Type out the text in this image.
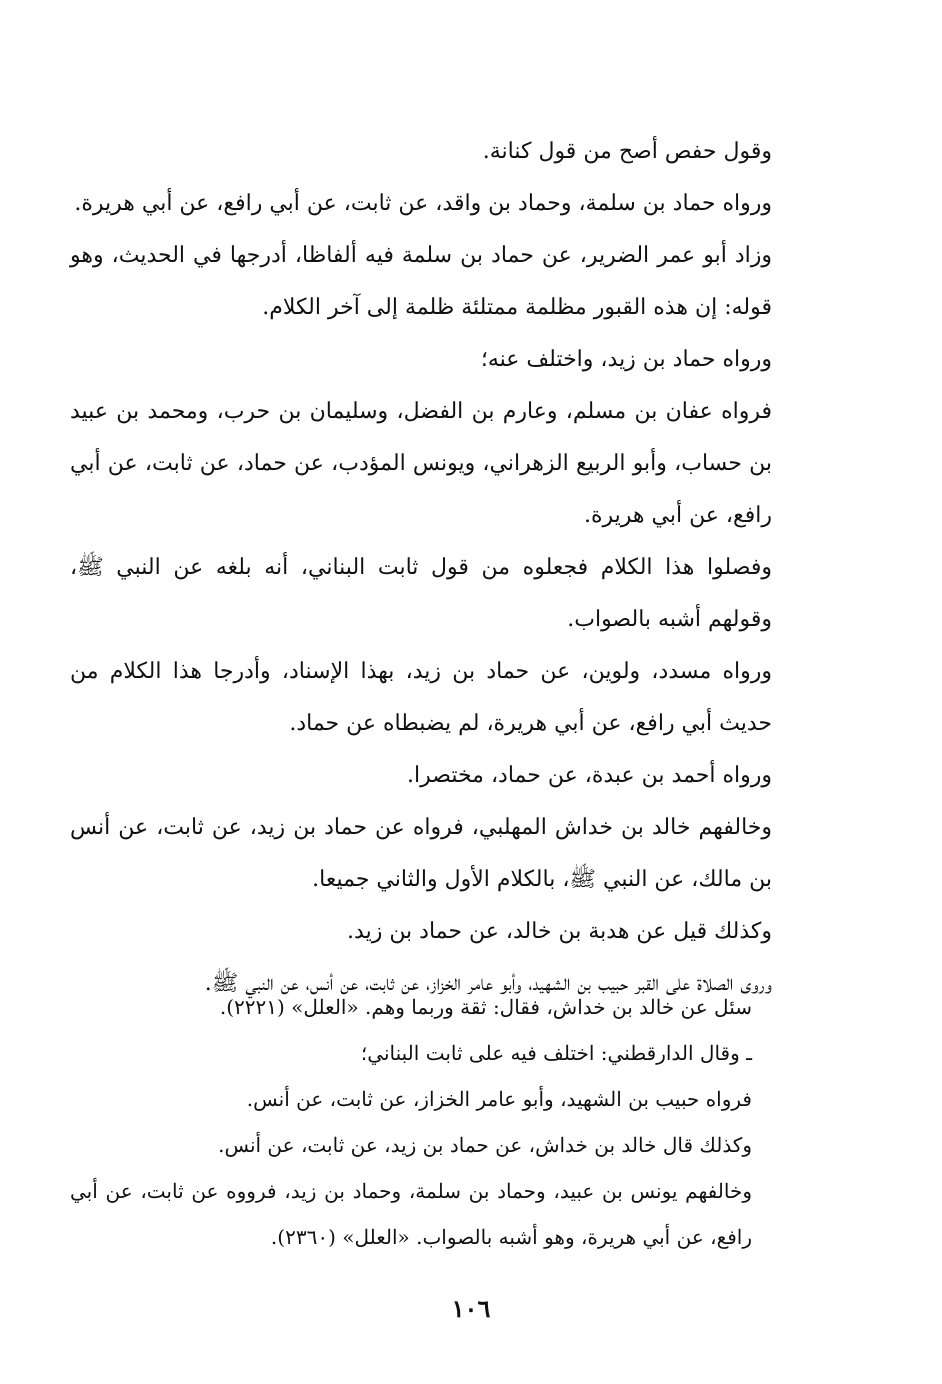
وقول حفص أصح من قول كنانة.

ورواه حماد بن سلمة، وحماد بن واقد، عن ثابت، عن أبي رافع، عن أبي هريرة.

وزاد أبو عمر الضرير، عن حماد بن سلمة فيه ألفاظا، أدرجها في الحديث، وهو قوله: إن هذه القبور مظلمة ممتلئة ظلمة إلى آخر الكلام.

ورواه حماد بن زيد، واختلف عنه؛

فرواه عفان بن مسلم، وعارم بن الفضل، وسليمان بن حرب، ومحمد بن عبيد بن حساب، وأبو الربيع الزهراني، ويونس المؤدب، عن حماد، عن ثابت، عن أبي رافع، عن أبي هريرة.

وفصلوا هذا الكلام فجعلوه من قول ثابت البناني، أنه بلغه عن النبي ﷺ، وقولهم أشبه بالصواب.

ورواه مسدد، ولوين، عن حماد بن زيد، بهذا الإسناد، وأدرجا هذا الكلام من حديث أبي رافع، عن أبي هريرة، لم يضبطاه عن حماد.

ورواه أحمد بن عبدة، عن حماد، مختصرا.

وخالفهم خالد بن خداش المهلبي، فرواه عن حماد بن زيد، عن ثابت، عن أنس بن مالك، عن النبي ﷺ، بالكلام الأول والثاني جميعا.

وكذلك قيل عن هدبة بن خالد، عن حماد بن زيد.

وروى الصلاة على القبر حبيب بن الشهيد، وأبو عامر الخزاز، عن ثابت، عن أنس، عن النبي ﷺ.

سئل عن خالد بن خداش، فقال: ثقة وربما وهم. «العلل» (٢٢٢١).

ـ وقال الدارقطني: اختلف فيه على ثابت البناني؛

فرواه حبيب بن الشهيد، وأبو عامر الخزاز، عن ثابت، عن أنس.

وكذلك قال خالد بن خداش، عن حماد بن زيد، عن ثابت، عن أنس.

وخالفهم يونس بن عبيد، وحماد بن سلمة، وحماد بن زيد، فرووه عن ثابت، عن أبي رافع، عن أبي هريرة، وهو أشبه بالصواب. «العلل» (٢٣٦٠).

١٠٦
